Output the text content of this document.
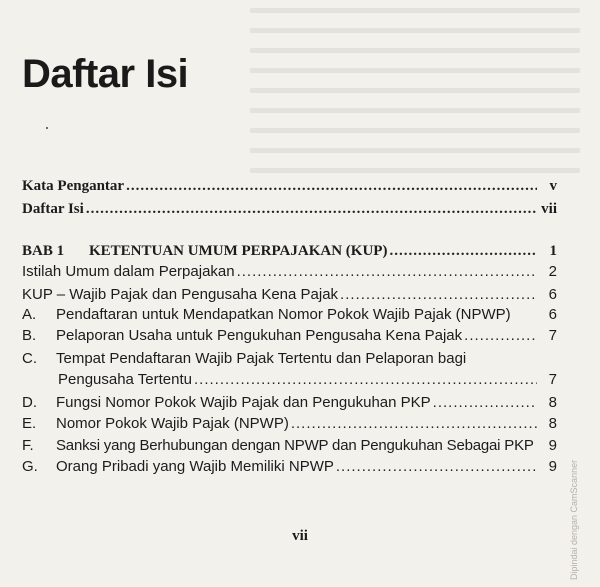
Daftar Isi
Kata Pengantar .....	v
Daftar Isi .....	vii
BAB 1 KETENTUAN UMUM PERPAJAKAN (KUP) .....	1
Istilah Umum dalam Perpajakan .....	2
KUP – Wajib Pajak dan Pengusaha Kena Pajak .....	6
A. Pendaftaran untuk Mendapatkan Nomor Pokok Wajib Pajak (NPWP)	6
B. Pelaporan Usaha untuk Pengukuhan Pengusaha Kena Pajak .....	7
C. Tempat Pendaftaran Wajib Pajak Tertentu dan Pelaporan bagi
Pengusaha Tertentu .....	7
D. Fungsi Nomor Pokok Wajib Pajak dan Pengukuhan PKP .....	8
E. Nomor Pokok Wajib Pajak (NPWP) .....	8
F. Sanksi yang Berhubungan dengan NPWP dan Pengukuhan Sebagai PKP 9
G. Orang Pribadi yang Wajib Memiliki NPWP .....	9
vii	Dipindai dengan CamScanner
